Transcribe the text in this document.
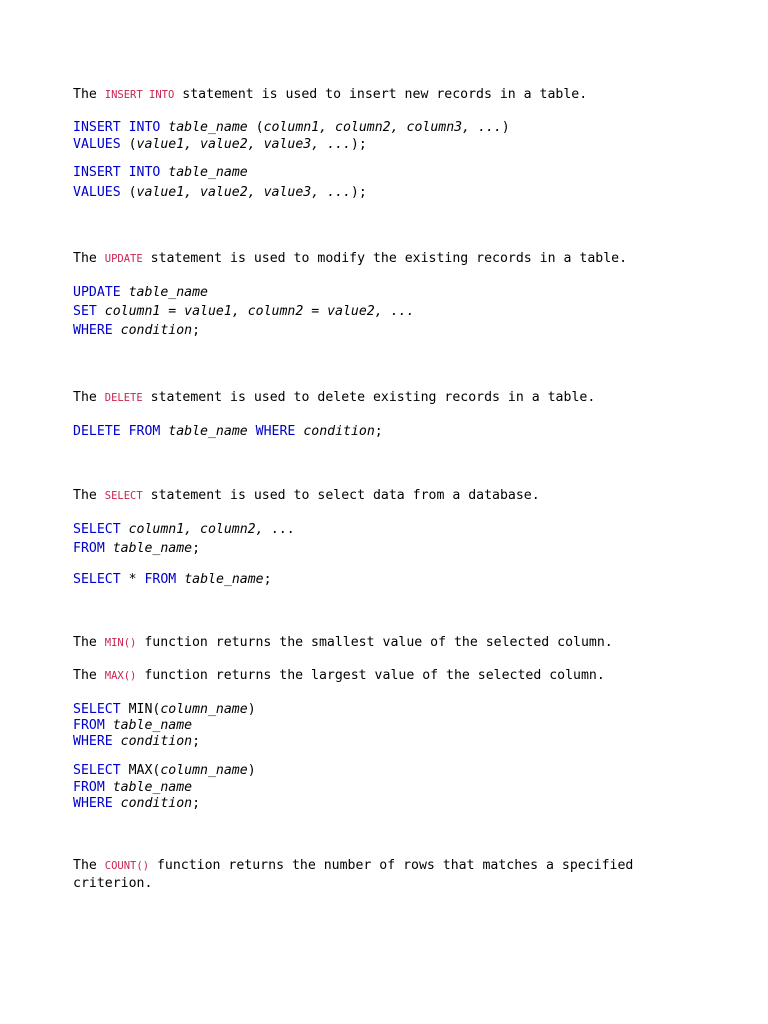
The INSERT INTO statement is used to insert new records in a table.
INSERT INTO table_name (column1, column2, column3, ...)
VALUES (value1, value2, value3, ...);
INSERT INTO table_name
VALUES (value1, value2, value3, ...);
The UPDATE statement is used to modify the existing records in a table.
UPDATE table_name
SET column1 = value1, column2 = value2, ...
WHERE condition;
The DELETE statement is used to delete existing records in a table.
DELETE FROM table_name WHERE condition;
The SELECT statement is used to select data from a database.
SELECT column1, column2, ...
FROM table_name;
SELECT * FROM table_name;
The MIN() function returns the smallest value of the selected column.
The MAX() function returns the largest value of the selected column.
SELECT MIN(column_name)
FROM table_name
WHERE condition;
SELECT MAX(column_name)
FROM table_name
WHERE condition;
The COUNT() function returns the number of rows that matches a specified
criterion.
